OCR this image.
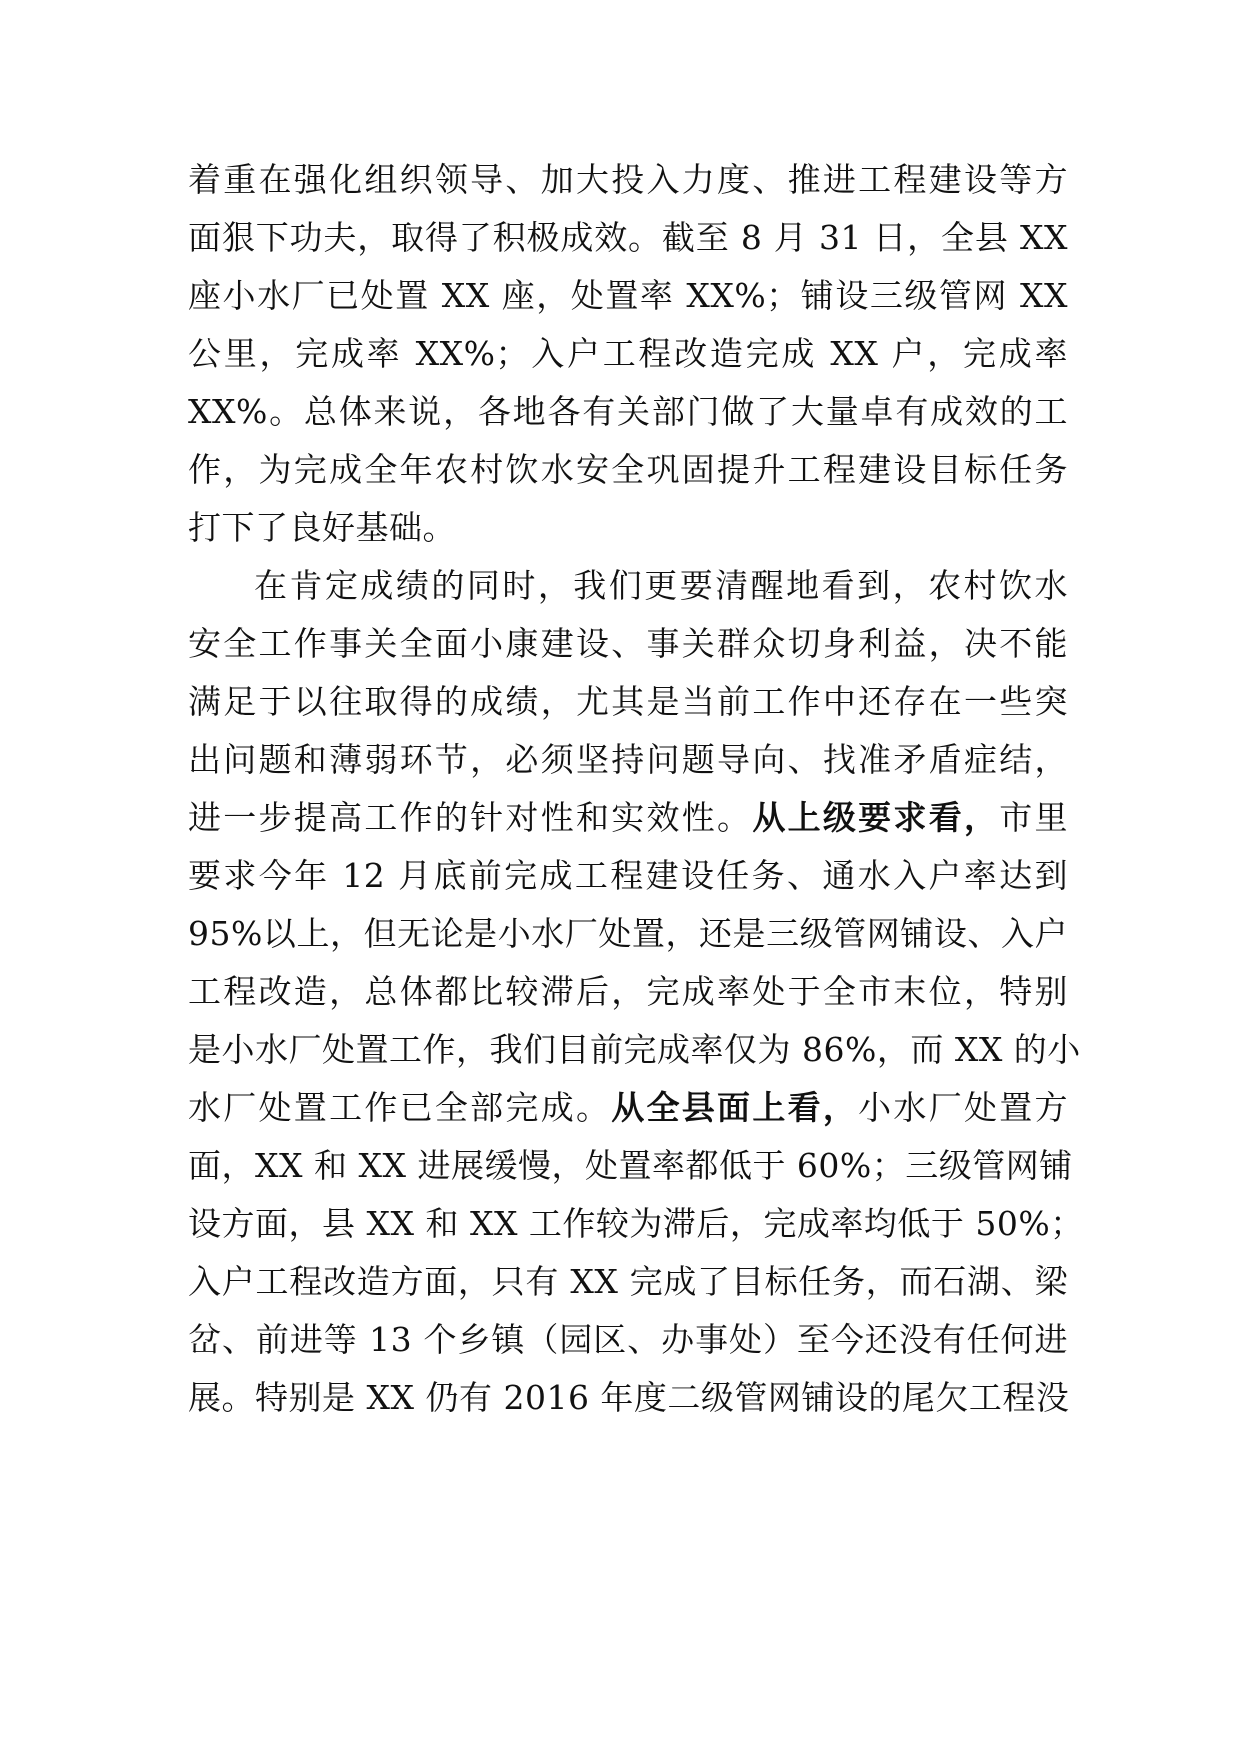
着重在强化组织领导、加大投入力度、推进工程建设等方
面狠下功夫，取得了积极成效。截至 8 月 31 日，全县 XX
座小水厂已处置 XX 座，处置率 XX%；铺设三级管网 XX
公里，完成率 XX%；入户工程改造完成 XX 户，完成率
XX%。总体来说，各地各有关部门做了大量卓有成效的工
作，为完成全年农村饮水安全巩固提升工程建设目标任务
打下了良好基础。
在肯定成绩的同时，我们更要清醒地看到，农村饮水
安全工作事关全面小康建设、事关群众切身利益，决不能
满足于以往取得的成绩，尤其是当前工作中还存在一些突
出问题和薄弱环节，必须坚持问题导向、找准矛盾症结，
进一步提高工作的针对性和实效性。从上级要求看，市里
要求今年 12 月底前完成工程建设任务、通水入户率达到
95%以上，但无论是小水厂处置，还是三级管网铺设、入户
工程改造，总体都比较滞后，完成率处于全市末位，特别
是小水厂处置工作，我们目前完成率仅为 86%，而 XX 的小
水厂处置工作已全部完成。从全县面上看，小水厂处置方
面，XX 和 XX 进展缓慢，处置率都低于 60%；三级管网铺
设方面，县 XX 和 XX 工作较为滞后，完成率均低于 50%；
入户工程改造方面，只有 XX 完成了目标任务，而石湖、梁
岔、前进等 13 个乡镇（园区、办事处）至今还没有任何进
展。特别是 XX 仍有 2016 年度二级管网铺设的尾欠工程没
